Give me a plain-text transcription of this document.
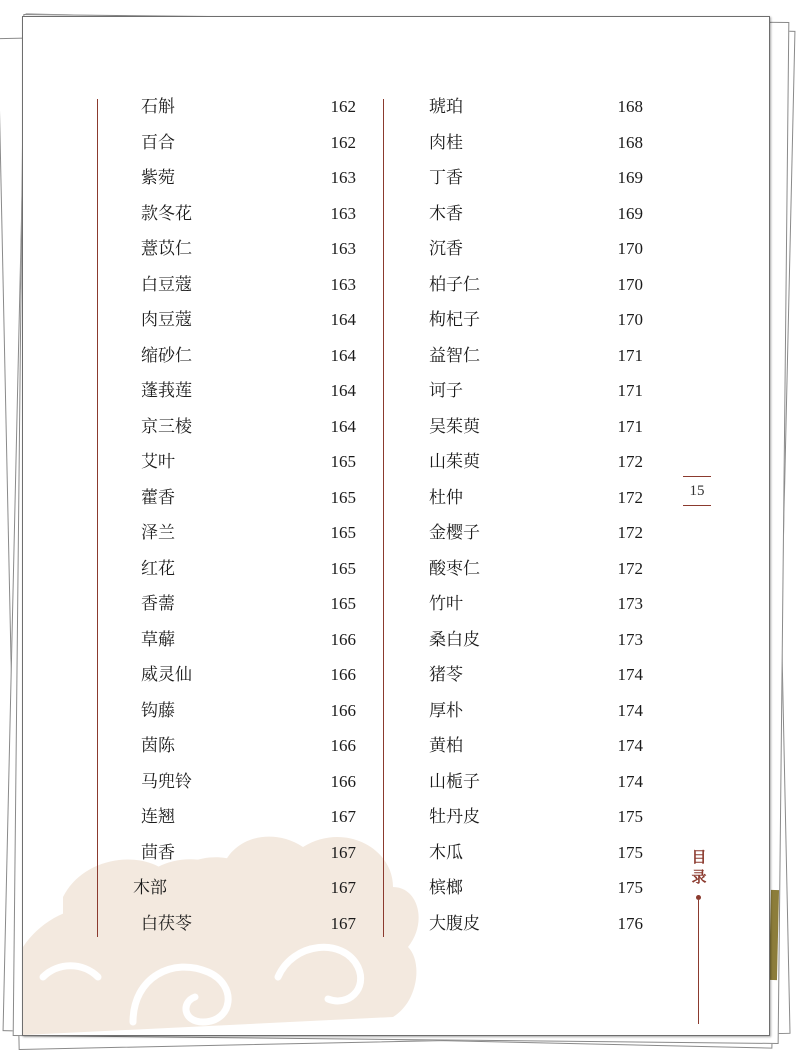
石斛	162
百合	162
紫菀	163
款冬花	163
薏苡仁	163
白豆蔻	163
肉豆蔻	164
缩砂仁	164
蓬莪莲	164
京三棱	164
艾叶	165
藿香	165
泽兰	165
红花	165
香薷	165
草薢	166
威灵仙	166
钩藤	166
茵陈	166
马兜铃	166
连翘	167
茴香	167
木部	167
白茯苓	167
琥珀	168
肉桂	168
丁香	169
木香	169
沉香	170
柏子仁	170
枸杞子	170
益智仁	171
诃子	171
吴茱萸	171
山茱萸	172
杜仲	172
金樱子	172
酸枣仁	172
竹叶	173
桑白皮	173
猪苓	174
厚朴	174
黄柏	174
山栀子	174
牡丹皮	175
木瓜	175
槟榔	175
大腹皮	176
15
目
录
